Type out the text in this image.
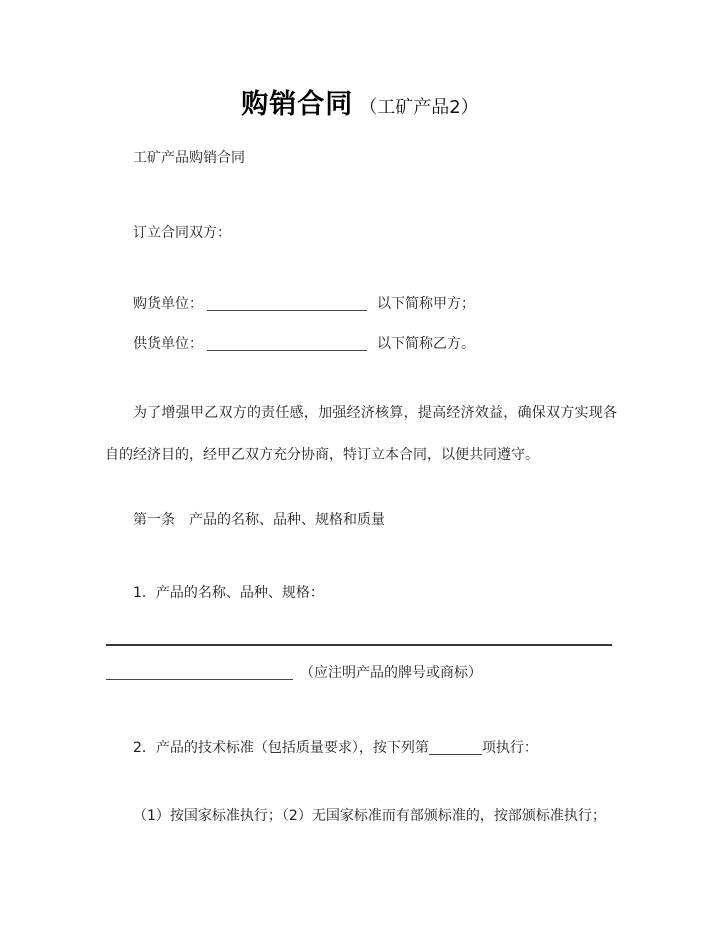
购销合同 （工矿产品2）
工矿产品购销合同
订立合同双方：
购货单位：	以下简称甲方；
供货单位：	以下简称乙方。
为了增强甲乙双方的责任感，加强经济核算，提高经济效益，确保双方实现各自的经济目的，经甲乙双方充分协商，特订立本合同，以便共同遵守。
第一条　产品的名称、品种、规格和质量
1．产品的名称、品种、规格：
（应注明产品的牌号或商标）
2．产品的技术标准（包括质量要求），按下列第	项执行：
（1）按国家标准执行；（2）无国家标准而有部颁标准的，按部颁标准执行；
